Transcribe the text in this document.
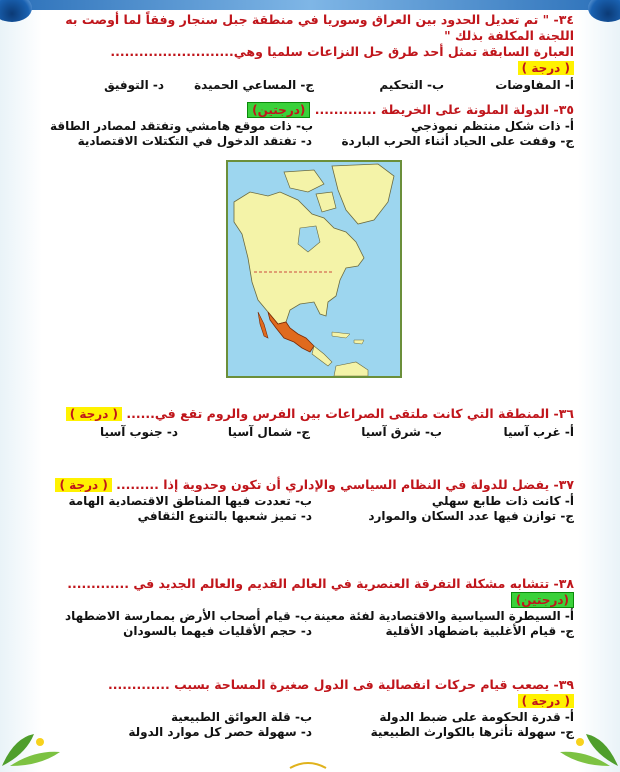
٣٤- " تم تعديل الحدود بين العراق وسوريا في منطقة جبل سنجار وفقاً لما أوصت به اللجنة المكلفة بذلك "
العبارة السابقة تمثل أحد طرق حل النزاعات سلميا وهي.......................... ( درجة )
أ- المفاوضات
ب- التحكيم
ج- المساعي الحميدة
د- التوفيق
٣٥- الدولة الملونة على الخريطة ............. (درجتين)
أ- ذات شكل منتظم نموذجي
ب- ذات موقع هامشي وتفتقد لمصادر الطاقة
ج- وقفت على الحياد أثناء الحرب الباردة
د- تفتقد الدخول في التكتلات الاقتصادية
٣٦- المنطقة التي كانت ملتقى الصراعات بين الفرس والروم تقع في...... ( درجة )
أ- غرب آسيا
ب- شرق آسيا
ج- شمال آسيا
د- جنوب آسيا
٣٧- يفضل للدولة في النظام السياسي والإداري أن تكون وحدوية إذا ......... ( درجة )
أ- كانت ذات طابع سهلي
ب- تعددت فيها المناطق الاقتصادية الهامة
ج- توازن فيها عدد السكان والموارد
د- تميز شعبها بالتنوع الثقافي
٣٨- تتشابه مشكلة التفرقة العنصرية في العالم القديم والعالم الجديد في ............. (درجتين)
أ- السيطرة السياسية والاقتصادية لفئة معينة
ب- قيام أصحاب الأرض بممارسة الاضطهاد
ج- قيام الأغلبية باضطهاد الأقلية
د- حجم الأقليات فيهما بالسودان
٣٩- يصعب قيام حركات انفصالية فى الدول صغيرة المساحة بسبب ............. ( درجة )
أ- قدرة الحكومة على ضبط الدولة
ب- قلة العوائق الطبيعية
ج- سهولة تأثرها بالكوارث الطبيعية
د- سهولة حصر كل موارد الدولة
